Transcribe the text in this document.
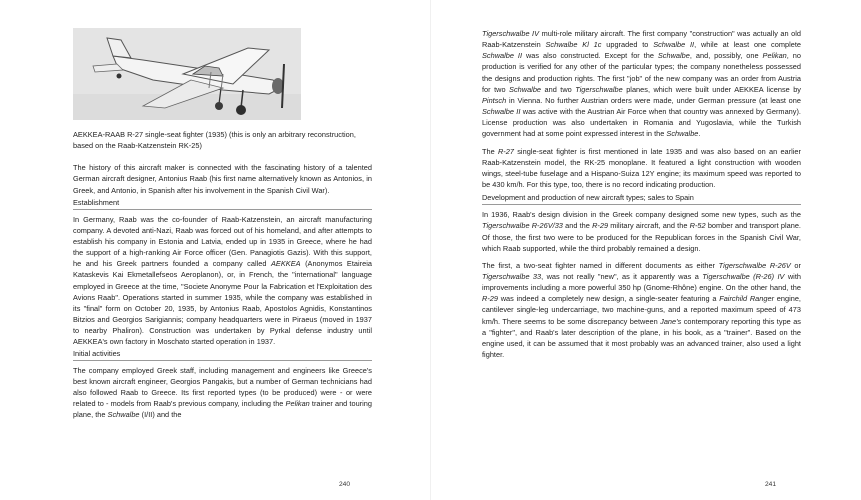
AEKKEA-RAAB R-27 single-seat fighter (1935) (this is only an arbitrary reconstruction, based on the Raab-Katzenstein RK-25)

The history of this aircraft maker is connected with the fascinating history of a talented German aircraft designer, Antonius Raab (his first name alternatively known as Antonios, in Greek, and Antonio, in Spanish after his involvement in the Spanish Civil War).

Establishment

In Germany, Raab was the co-founder of Raab-Katzenstein, an aircraft manufacturing company. A devoted anti-Nazi, Raab was forced out of his homeland, and after attempts to establish his company in Estonia and Latvia, ended up in 1935 in Greece, where he had the support of a high-ranking Air Force officer (Gen. Panagiotis Gazis). With this support, he and his Greek partners founded a company called AEKKEA (Anonymos Etaireia Kataskevis Kai Ekmetallefseos Aeroplanon), or, in French, the "international" language employed in Greece at the time, "Societe Anonyme Pour la Fabrication et l'Exploitation des Avions Raab". Operations started in summer 1935, while the company was established in its "final" form on October 20, 1935, by Antonius Raab, Apostolos Agnidis, Konstantinos Bitzios and Georgios Sarigiannis; company headquarters were in Piraeus (moved in 1937 to nearby Phaliron). Construction was undertaken by Pyrkal defense industry until AEKKEA's own factory in Moschato started operation in 1937.

Initial activities

The company employed Greek staff, including management and engineers like Greece's best known aircraft engineer, Georgios Pangakis, but a number of German technicians had also followed Raab to Greece. Its first reported types (to be produced) were - or were related to - models from Raab's previous company, including the Pelikan trainer and touring plane, the Schwalbe (I/II) and the

240

Tigerschwalbe IV multi-role military aircraft. The first company "construction" was actually an old Raab-Katzenstein Schwalbe Kl 1c upgraded to Schwalbe II, while at least one complete Schwalbe II was also constructed. Except for the Schwalbe, and, possibly, one Pelikan, no production is verified for any other of the particular types; the company nonetheless possessed the designs and production rights. The first "job" of the new company was an order from Austria for two Schwalbe and two Tigerschwalbe planes, which were built under AEKKEA license by Pintsch in Vienna. No further Austrian orders were made, under German pressure (at least one Schwalbe II was active with the Austrian Air Force when that country was annexed by Germany). License production was also undertaken in Romania and Yugoslavia, while the Turkish government had at some point expressed interest in the Schwalbe.

The R-27 single-seat fighter is first mentioned in late 1935 and was also based on an earlier Raab-Katzenstein model, the RK-25 monoplane. It featured a light construction with wooden wings, steel-tube fuselage and a Hispano-Suiza 12Y engine; its maximum speed was reported to be 430 km/h. For this type, too, there is no record indicating production.

Development and production of new aircraft types; sales to Spain

In 1936, Raab's design division in the Greek company designed some new types, such as the Tigerschwalbe R-26V/33 and the R-29 military aircraft, and the R-52 bomber and transport plane. Of those, the first two were to be produced for the Republican forces in the Spanish Civil War, which Raab supported, while the third probably remained a design.

The first, a two-seat fighter named in different documents as either Tigerschwalbe R-26V or Tigerschwalbe 33, was not really "new", as it apparently was a Tigerschwalbe (R-26) IV with improvements including a more powerful 350 hp (Gnome-Rhône) engine. On the other hand, the R-29 was indeed a completely new design, a single-seater featuring a Fairchild Ranger engine, cantilever single-leg undercarriage, two machine-guns, and a reported maximum speed of 473 km/h. There seems to be some discrepancy between Jane's contemporary reporting this type as a "fighter", and Raab's later description of the plane, in his book, as a "trainer". Based on the engine used, it can be assumed that it most probably was an advanced trainer, also used a light fighter.

241
